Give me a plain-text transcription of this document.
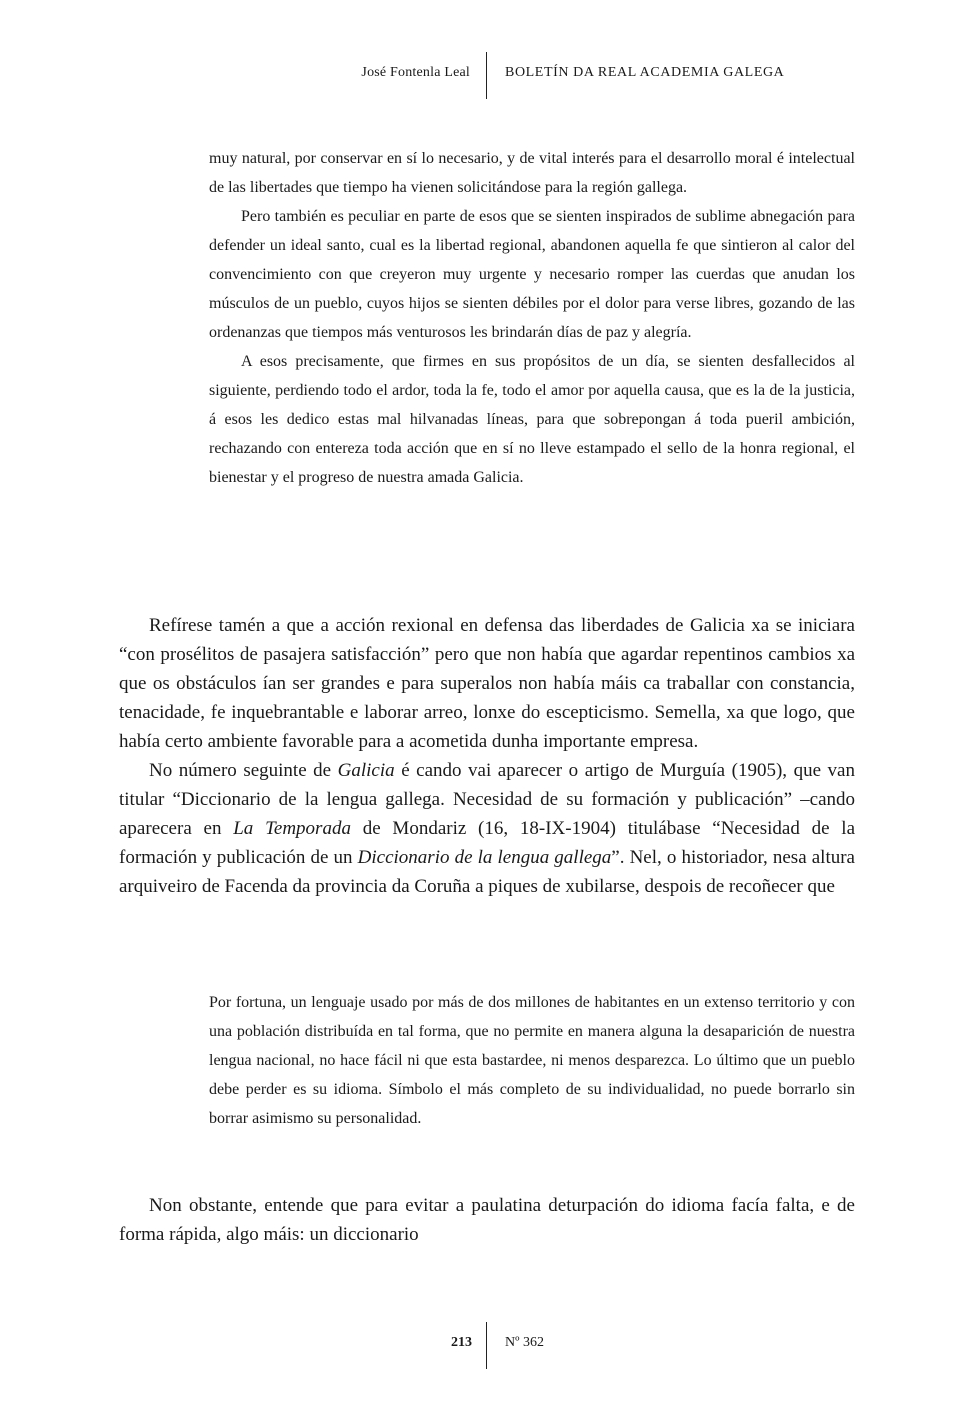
José Fontenla Leal	BOLETÍN DA REAL ACADEMIA GALEGA

muy natural, por conservar en sí lo necesario, y de vital interés para el desarrollo moral é intelectual de las libertades que tiempo ha vienen solicitándose para la región gallega.

Pero también es peculiar en parte de esos que se sienten inspirados de sublime abnegación para defender un ideal santo, cual es la libertad regional, abandonen aquella fe que sintieron al calor del convencimiento con que creyeron muy urgente y necesario romper las cuerdas que anudan los músculos de un pueblo, cuyos hijos se sienten débiles por el dolor para verse libres, gozando de las ordenanzas que tiempos más venturosos les brindarán días de paz y alegría.

A esos precisamente, que firmes en sus propósitos de un día, se sienten desfallecidos al siguiente, perdiendo todo el ardor, toda la fe, todo el amor por aquella causa, que es la de la justicia, á esos les dedico estas mal hilvanadas líneas, para que sobrepongan á toda pueril ambición, rechazando con entereza toda acción que en sí no lleve estampado el sello de la honra regional, el bienestar y el progreso de nuestra amada Galicia.

Refírese tamén a que a acción rexional en defensa das liberdades de Galicia xa se iniciara “con prosélitos de pasajera satisfacción” pero que non había que agardar repentinos cambios xa que os obstáculos ían ser grandes e para superalos non había máis ca traballar con constancia, tenacidade, fe inquebrantable e laborar arreo, lonxe do escepticismo. Semella, xa que logo, que había certo ambiente favorable para a acometida dunha importante empresa.

No número seguinte de Galicia é cando vai aparecer o artigo de Murguía (1905), que van titular “Diccionario de la lengua gallega. Necesidad de su formación y publicación” –cando aparecera en La Temporada de Mondariz (16, 18-IX-1904) titulábase “Necesidad de la formación y publicación de un Diccionario de la lengua gallega”. Nel, o historiador, nesa altura arquiveiro de Facenda da provincia da Coruña a piques de xubilarse, despois de recoñecer que

Por fortuna, un lenguaje usado por más de dos millones de habitantes en un extenso territorio y con una población distribuída en tal forma, que no permite en manera alguna la desaparición de nuestra lengua nacional, no hace fácil ni que esta bastardee, ni menos desparezca. Lo último que un pueblo debe perder es su idioma. Símbolo el más completo de su individualidad, no puede borrarlo sin borrar asimismo su personalidad.

Non obstante, entende que para evitar a paulatina deturpación do idioma facía falta, e de forma rápida, algo máis: un diccionario

213 Nº 362
